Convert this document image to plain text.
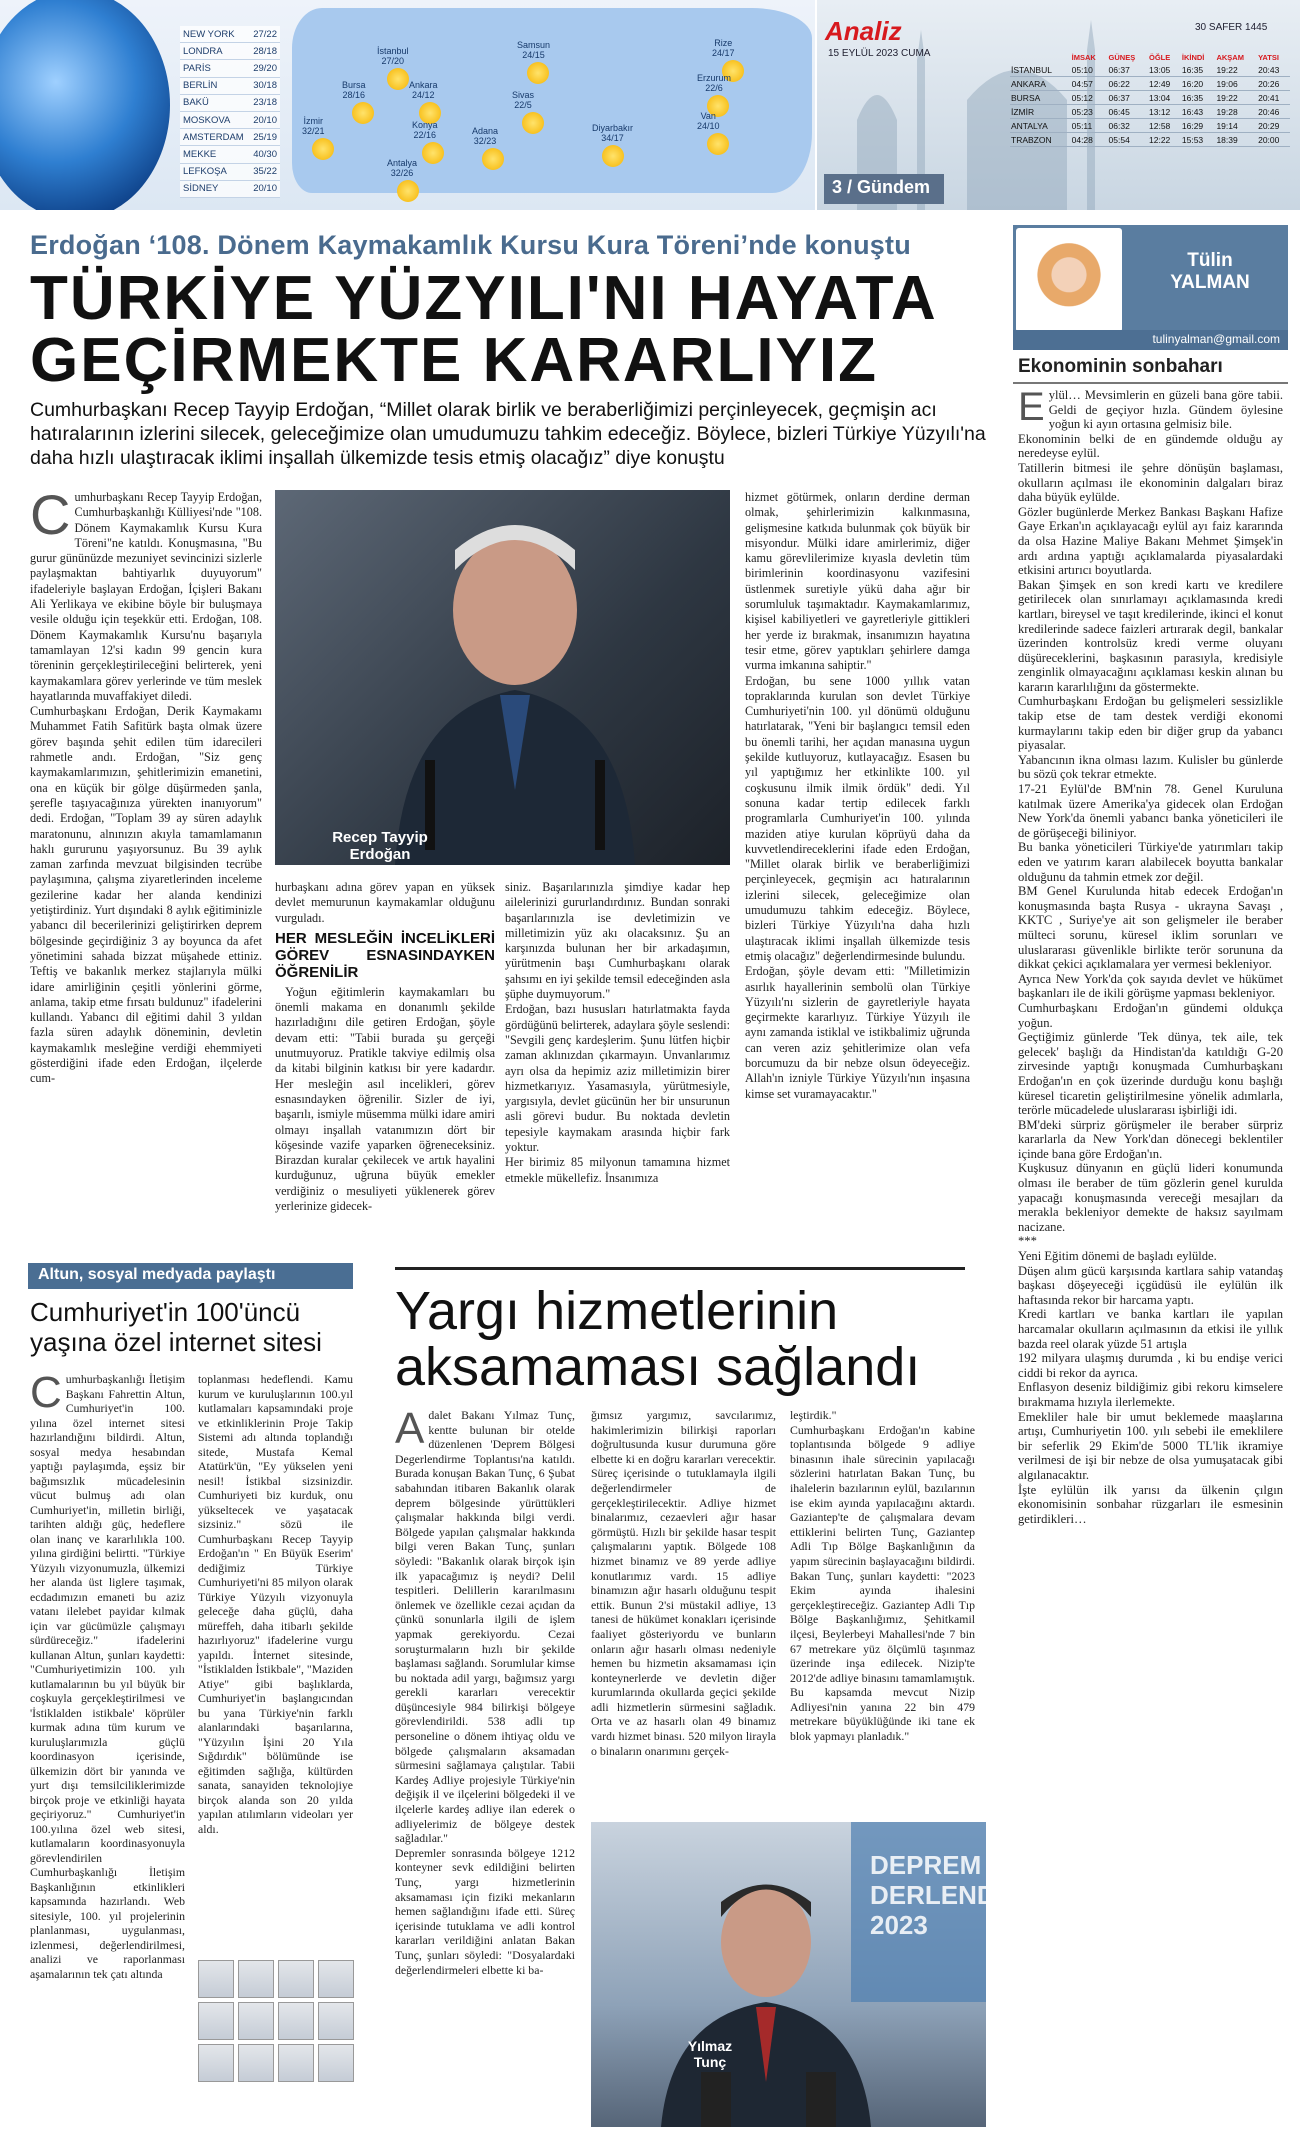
NEW YORK 27/22
LONDRA	28/18
PARİS	29/20
BERLİN	30/18
BAKÜ	23/18
MOSKOVA 20/10
AMSTERDAM 25/19
MEKKE	40/30
LEFKOŞA	35/22
SİDNEY	20/10
İstanbul
27/20
Bursa
28/16
İzmir
32/21
Ankara
24/12
Konya
22/16
Antalya
32/26
Samsun
24/15
Sivas
22/5
Adana
32/23
Diyarbakır
34/17
Rize
24/17
Erzurum
22/6
Van
24/10
Analiz
15 EYLÜL 2023 CUMA
30 SAFER 1445
	İMSAK	GÜNEŞ	ÖĞLE	İKİNDİ	AKŞAM	YATSI
İSTANBUL	05:10	06:37	13:05	16:35	19:22	20:43
ANKARA	04:57	06:22	12:49	16:20	19:06	20:26
BURSA	05:12	06:37	13:04	16:35	19:22	20:41
İZMİR	05:23	06:45	13:12	16:43	19:28	20:46
ANTALYA	05:11	06:32	12:58	16:29	19:14	20:29
TRABZON	04:28	05:54	12:22	15:53	18:39	20:00
3 / Gündem
Erdoğan ‘108. Dönem Kaymakamlık Kursu Kura Töreni’nde konuştu
TÜRKİYE YÜZYILI'NI HAYATA
GEÇİRMEKTE KARARLIYIZ
Cumhurbaşkanı Recep Tayyip Erdoğan, “Millet olarak birlik ve beraberliğimizi perçinleyecek, geçmişin acı hatıralarının izlerini silecek, geleceğimize olan umudumuzu tahkim edeceğiz. Böylece, bizleri Türkiye Yüzyılı'na daha hızlı ulaştıracak iklimi inşallah ülkemizde tesis etmiş olacağız” diye konuştu
Cumhurbaşkanı Recep Tayyip Erdoğan, Cumhurbaşkanlığı Külliyesi'nde "108. Dönem Kaymakamlık Kursu Kura Töreni"ne katıldı. Konuşmasına, "Bu gurur gününüzde mezuniyet sevincinizi sizlerle paylaşmaktan bahtiyarlık duyuyorum" ifadeleriyle başlayan Erdoğan, İçişleri Bakanı Ali Yerlikaya ve ekibine böyle bir buluşmaya vesile olduğu için teşekkür etti. Erdoğan, 108. Dönem Kaymakamlık Kursu'nu başarıyla tamamlayan 12'si kadın 99 gencin kura töreninin gerçekleştirileceğini belirterek, yeni kaymakamlara görev yerlerinde ve tüm meslek hayatlarında muvaffakiyet diledi.
Cumhurbaşkanı Erdoğan, Derik Kaymakamı Muhammet Fatih Safitürk başta olmak üzere görev başında şehit edilen tüm idarecileri rahmetle andı. Erdoğan, "Siz genç kaymakamlarımızın, şehitlerimizin emanetini, ona en küçük bir gölge düşürmeden şanla, şerefle taşıyacağınıza yürekten inanıyorum" dedi. Erdoğan, "Toplam 39 ay süren adaylık maratonunu, alnınızın akıyla tamamlamanın haklı gururunu yaşıyorsunuz. Bu 39 aylık zaman zarfında mevzuat bilgisinden tecrübe paylaşımına, çalışma ziyaretlerinden inceleme gezilerine kadar her alanda kendinizi yetiştirdiniz. Yurt dışındaki 8 aylık eğitiminizle yabancı dil becerilerinizi geliştirirken deprem bölgesinde geçirdiğiniz 3 ay boyunca da afet yönetimini sahada bizzat müşahede ettiniz. Teftiş ve bakanlık merkez stajlarıyla mülki idare amirliğinin çeşitli yönlerini görme, anlama, takip etme fırsatı buldunuz" ifadelerini kullandı. Yabancı dil eğitimi dahil 3 yıldan fazla süren adaylık döneminin, devletin kaymakamlık mesleğine verdiği ehemmiyeti gösterdiğini ifade eden Erdoğan, ilçelerde cum-
Recep Tayyip Erdoğan
hurbaşkanı adına görev yapan en yüksek devlet memurunun kaymakamlar olduğunu vurguladı.
HER MESLEĞİN İNCELİKLERİ GÖREV ESNASINDAYKEN ÖĞRENİLİR
Yoğun eğitimlerin kaymakamları bu önemli makama en donanımlı şekilde hazırladığını dile getiren Erdoğan, şöyle devam etti: "Tabii burada şu gerçeği unutmuyoruz. Pratikle takviye edilmiş olsa da kitabi bilginin katkısı bir yere kadardır. Her mesleğin asıl incelikleri, görev esnasındayken öğrenilir. Sizler de iyi, başarılı, ismiyle müsemma mülki idare amiri olmayı inşallah vatanımızın dört bir köşesinde vazife yaparken öğreneceksiniz. Birazdan kuralar çekilecek ve artık hayalini kurduğunuz, uğruna büyük emekler verdiğiniz o mesuliyeti yüklenerek görev yerlerinize gidecek-
siniz. Başarılarınızla şimdiye kadar hep ailelerinizi gururlandırdınız. Bundan sonraki başarılarınızla ise devletimizin ve milletimizin yüz akı olacaksınız. Şu an karşınızda bulunan her bir arkadaşımın, yürütmenin başı Cumhurbaşkanı olarak şahsımı en iyi şekilde temsil edeceğinden asla şüphe duymuyorum."
Erdoğan, bazı hususları hatırlatmakta fayda gördüğünü belirterek, adaylara şöyle seslendi: "Sevgili genç kardeşlerim. Şunu lütfen hiçbir zaman aklınızdan çıkarmayın. Unvanlarımız ayrı olsa da hepimiz aziz milletimizin birer hizmetkarıyız. Yasamasıyla, yürütmesiyle, yargısıyla, devlet gücünün her bir unsurunun asli görevi budur. Bu noktada devletin tepesiyle kaymakam arasında hiçbir fark yoktur.
Her birimiz 85 milyonun tamamına hizmet etmekle mükellefiz. İnsanımıza
hizmet götürmek, onların derdine derman olmak, şehirlerimizin kalkınmasına, gelişmesine katkıda bulunmak çok büyük bir misyondur. Mülki idare amirlerimiz, diğer kamu görevlilerimize kıyasla devletin tüm birimlerinin koordinasyonu vazifesini üstlenmek suretiyle yükü daha ağır bir sorumluluk taşımaktadır. Kaymakamlarımız, kişisel kabiliyetleri ve gayretleriyle gittikleri her yerde iz bırakmak, insanımızın hayatına tesir etme, görev yaptıkları şehirlere damga vurma imkanına sahiptir."
Erdoğan, bu sene 1000 yıllık vatan topraklarında kurulan son devlet Türkiye Cumhuriyeti'nin 100. yıl dönümü olduğunu hatırlatarak, "Yeni bir başlangıcı temsil eden bu önemli tarihi, her açıdan manasına uygun şekilde kutluyoruz, kutlayacağız. Esasen bu yıl yaptığımız her etkinlikte 100. yıl coşkusunu ilmik ilmik ördük" dedi. Yıl sonuna kadar tertip edilecek farklı programlarla Cumhuriyet'in 100. yılında maziden atiye kurulan köprüyü daha da kuvvetlendireceklerini ifade eden Erdoğan, "Millet olarak birlik ve beraberliğimizi perçinleyecek, geçmişin acı hatıralarının izlerini silecek, geleceğimize olan umudumuzu tahkim edeceğiz. Böylece, bizleri Türkiye Yüzyılı'na daha hızlı ulaştıracak iklimi inşallah ülkemizde tesis etmiş olacağız" değerlendirmesinde bulundu.
Erdoğan, şöyle devam etti: "Milletimizin asırlık hayallerinin sembolü olan Türkiye Yüzyılı'nı sizlerin de gayretleriyle hayata geçirmekte kararlıyız. Türkiye Yüzyılı ile aynı zamanda istiklal ve istikbalimiz uğrunda can veren aziz şehitlerimize olan vefa borcumuzu da bir nebze olsun ödeyeceğiz. Allah'ın izniyle Türkiye Yüzyılı'nın inşasına kimse set vuramayacaktır."
Tülin
YALMAN
tulinyalman@gmail.com
Ekonominin sonbaharı
Eylül… Mevsimlerin en güzeli bana göre tabii. Geldi de geçiyor hızla. Gündem öylesine yoğun ki ayın ortasına gelmisiz bile.
Ekonominin belki de en gündemde olduğu ay neredeyse eylül.
Tatillerin bitmesi ile şehre dönüşün başlaması, okulların açılması ile ekonominin dalgaları biraz daha büyük eylülde.
Gözler bugünlerde Merkez Bankası Başkanı Hafize Gaye Erkan'ın açıklayacağı eylül ayı faiz kararında da olsa Hazine Maliye Bakanı Mehmet Şimşek'in ardı ardına yaptığı açıklamalarda piyasalardaki etkisini artırıcı boyutlarda.
Bakan Şimşek en son kredi kartı ve kredilere getirilecek olan sınırlamayı açıklamasında kredi kartları, bireysel ve taşıt kredilerinde, ikinci el konut kredilerinde sadece faizleri artırarak degil, bankalar üzerinden kontrolsüz kredi verme oluyanı düşüreceklerini, başkasının parasıyla, kredisiyle zenginlik olmayacağını açıklaması keskin alınan bu kararın kararlılığını da göstermekte.
Cumhurbaşkanı Erdoğan bu gelişmeleri sessizlikle takip etse de tam destek verdiği ekonomi kurmaylarını takip eden bir diğer grup da yabancı piyasalar.
Yabancının ikna olması lazım. Kulisler bu günlerde bu sözü çok tekrar etmekte.
17-21 Eylül'de BM'nin 78. Genel Kuruluna katılmak üzere Amerika'ya gidecek olan Erdoğan New York'da önemli yabancı banka yöneticileri ile de görüşeceği biliniyor.
Bu banka yöneticileri Türkiye'de yatırımları takip eden ve yatırım kararı alabilecek boyutta bankalar olduğunu da tahmin etmek zor değil.
BM Genel Kurulunda hitab edecek Erdoğan'ın konuşmasında başta Rusya - ukrayna Savaşı , KKTC , Suriye'ye ait son gelişmeler ile beraber mülteci sorunu, küresel iklim sorunları ve uluslararası güvenlikle birlikte terör sorununa da dikkat çekici açıklamalara yer vermesi bekleniyor.
Ayrıca New York'da çok sayıda devlet ve hükümet başkanları ile de ikili görüşme yapması bekleniyor.
Cumhurbaşkanı Erdoğan'ın gündemi oldukça yoğun.
Geçtiğimiz günlerde 'Tek dünya, tek aile, tek gelecek' başlığı da Hindistan'da katıldığı G-20 zirvesinde yaptığı konuşmada Cumhurbaşkanı Erdoğan'ın en çok üzerinde durduğu konu başlığı küresel ticaretin geliştirilmesine yönelik adımlarla, terörle mücadelede uluslararası işbirliği idi.
BM'deki sürpriz görüşmeler ile beraber sürpriz kararlarla da New York'dan dönecegi beklentiler içinde bana göre Erdoğan'ın.
Kuşkusuz dünyanın en güçlü lideri konumunda olması ile beraber de tüm gözlerin genel kurulda yapacağı konuşmasında vereceği mesajları da merakla bekleniyor demekte de haksız sayılmam nacizane.
***
Yeni Eğitim dönemi de başladı eylülde.
Düşen alım gücü karşısında kartlara sahip vatandaş başkası döşeyeceği içgüdüsü ile eylülün ilk haftasında rekor bir harcama yaptı.
Kredi kartları ve banka kartları ile yapılan harcamalar okulların açılmasının da etkisi ile yıllık bazda reel olarak yüzde 51 artışla
192 milyara ulaşmış durumda , ki bu endişe verici ciddi bi rekor da ayrıca.
Enflasyon deseniz bildiğimiz gibi rekoru kimselere bırakmama hızıyla ilerlemekte.
Emekliler hale bir umut beklemede maaşlarına artışı, Cumhuriyetin 100. yılı sebebi ile emeklilere bir seferlik 29 Ekim'de 5000 TL'lik ikramiye verilmesi de işi bir nebze de olsa yumuşatacak gibi algılanacaktır.
İşte eylülün ilk yarısı da ülkenin çılgın ekonomisinin sonbahar rüzgarları ile esmesinin getirdikleri…
Altun, sosyal medyada paylaştı
Cumhuriyet'in 100'üncü yaşına özel internet sitesi
Cumhurbaşkanlığı İletişim Başkanı Fahrettin Altun, Cumhuriyet'in 100. yılına özel internet sitesi hazırlandığını bildirdi. Altun, sosyal medya hesabından yaptığı paylaşımda, eşsiz bir bağımsızlık mücadelesinin vücut bulmuş adı olan Cumhuriyet'in, milletin birliği, tarihten aldığı güç, hedeflere olan inanç ve kararlılıkla 100. yılına girdiğini belirtti. "Türkiye Yüzyılı vizyonumuzla, ülkemizi her alanda üst liglere taşımak, ecdadımızın emaneti bu aziz vatanı ilelebet payidar kılmak için var gücümüzle çalışmayı sürdüreceğiz." ifadelerini kullanan Altun, şunları kaydetti: "Cumhuriyetimizin 100. yılı kutlamalarının bu yıl büyük bir coşkuyla gerçekleştirilmesi ve 'İstiklalden istikbale' köprüler kurmak adına tüm kurum ve kuruluşlarımızla güçlü koordinasyon içerisinde, ülkemizin dört bir yanında ve yurt dışı temsilciliklerimizde birçok proje ve etkinliği hayata geçiriyoruz." Cumhuriyet'in 100.yılına özel web sitesi, kutlamaların koordinasyonuyla görevlendirilen Cumhurbaşkanlığı İletişim Başkanlığının etkinlikleri kapsamında hazırlandı. Web sitesiyle, 100. yıl projelerinin planlanması, uygulanması, izlenmesi, değerlendirilmesi, analizi ve raporlanması aşamalarının tek çatı altında
toplanması hedeflendi. Kamu kurum ve kuruluşlarının 100.yıl kutlamaları kapsamındaki proje ve etkinliklerinin Proje Takip Sistemi adı altında toplandığı sitede, Mustafa Kemal Atatürk'ün, "Ey yükselen yeni nesil! İstikbal sizsinizdir. Cumhuriyeti biz kurduk, onu yükseltecek ve yaşatacak sizsiniz." sözü ile Cumhurbaşkanı Recep Tayyip Erdoğan'ın " En Büyük Eserim' dediğimiz Türkiye Cumhuriyeti'ni 85 milyon olarak Türkiye Yüzyılı vizyonuyla geleceğe daha güçlü, daha müreffeh, daha itibarlı şekilde hazırlıyoruz" ifadelerine vurgu yapıldı. İnternet sitesinde, "İstiklalden İstikbale", "Maziden Atiye" gibi başlıklarda, Cumhuriyet'in başlangıcından bu yana Türkiye'nin farklı alanlarındaki başarılarına, "Yüzyılın İşini 20 Yıla Sığdırdık" bölümünde ise eğitimden sağlığa, kültürden sanata, sanayiden teknolojiye birçok alanda son 20 yılda yapılan atılımların videoları yer aldı.
Yargı hizmetlerinin
aksamaması sağlandı
Adalet Bakanı Yılmaz Tunç, kentte bulunan bir otelde düzenlenen 'Deprem Bölgesi Degerlendirme Toplantısı'na katıldı. Burada konuşan Bakan Tunç, 6 Şubat sabahından itibaren Bakanlık olarak deprem bölgesinde yürüttükleri çalışmalar hakkında bilgi verdi. Bölgede yapılan çalışmalar hakkında bilgi veren Bakan Tunç, şunları söyledi: "Bakanlık olarak birçok işin ilk yapacağımız iş neydi? Delil tespitleri. Delillerin kararılmasını önlemek ve özellikle cezai açıdan da çünkü sonunlarla ilgili de işlem yapmak gerekiyordu. Cezai soruşturmaların hızlı bir şekilde başlaması sağlandı. Sorumlular kimse bu noktada adil yargı, bağımsız yargı gerekli kararları verecektir düşüncesiyle 984 bilirkişi bölgeye görevlendirildi. 538 adli tıp personeline o dönem ihtiyaç oldu ve bölgede çalışmaların aksamadan sürmesini sağlamaya çalıştılar. Tabii Kardeş Adliye projesiyle Türkiye'nin değişik il ve ilçelerini bölgedeki il ve ilçelerle kardeş adliye ilan ederek o adliyelerimiz de bölgeye destek sağladılar."
Depremler sonrasında bölgeye 1212 konteyner sevk edildiğini belirten Tunç, yargı hizmetlerinin aksamaması için fiziki mekanların hemen sağlandığını ifade etti. Süreç içerisinde tutuklama ve adli kontrol kararları verildiğini anlatan Bakan Tunç, şunları söyledi: "Dosyalardaki değerlendirmeleri elbette ki ba-
ğımsız yargımız, savcılarımız, hakimlerimizin bilirkişi raporları doğrultusunda kusur durumuna göre elbette ki en doğru kararları verecektir. Süreç içerisinde o tutuklamayla ilgili değerlendirmeler de gerçekleştirilecektir. Adliye hizmet binalarımız, cezaevleri ağır hasar görmüştü. Hızlı bir şekilde hasar tespit çalışmalarını yaptık. Bölgede 108 hizmet binamız ve 89 yerde adliye konutlarımız vardı. 15 adliye binamızın ağır hasarlı olduğunu tespit ettik. Bunun 2'si müstakil adliye, 13 tanesi de hükümet konakları içerisinde faaliyet gösteriyordu ve bunların onların ağır hasarlı olması nedeniyle hemen bu hizmetin aksamaması için konteynerlerde ve devletin diğer kurumlarında okullarda geçici şekilde adli hizmetlerin sürmesini sağladık. Orta ve az hasarlı olan 49 binamız vardı hizmet binası. 520 milyon lirayla o binaların onarımını gerçek-
leştirdik."
Cumhurbaşkanı Erdoğan'ın kabine toplantısında bölgede 9 adliye binasının ihale sürecinin yapılacağı sözlerini hatırlatan Bakan Tunç, bu ihalelerin bazılarının eylül, bazılarının ise ekim ayında yapılacağını aktardı. Gaziantep'te de çalışmalara devam ettiklerini belirten Tunç, Gaziantep Adli Tıp Bölge Başkanlığının da yapım sürecinin başlayacağını bildirdi. Bakan Tunç, şunları kaydetti: "2023 Ekim ayında ihalesini gerçekleştireceğiz. Gaziantep Adli Tıp Bölge Başkanlığımız, Şehitkamil ilçesi, Beylerbeyi Mahallesi'nde 7 bin 67 metrekare yüz ölçümlü taşınmaz üzerinde inşa edilecek. Nizip'te 2012'de adliye binasını tamamlamıştık. Bu kapsamda mevcut Nizip Adliyesi'nin yanına 22 bin 479 metrekare büyüklüğünde iki tane ek blok yapmayı planladık."
DEPREM B
DERLENDİRM
2023
Yılmaz Tunç
